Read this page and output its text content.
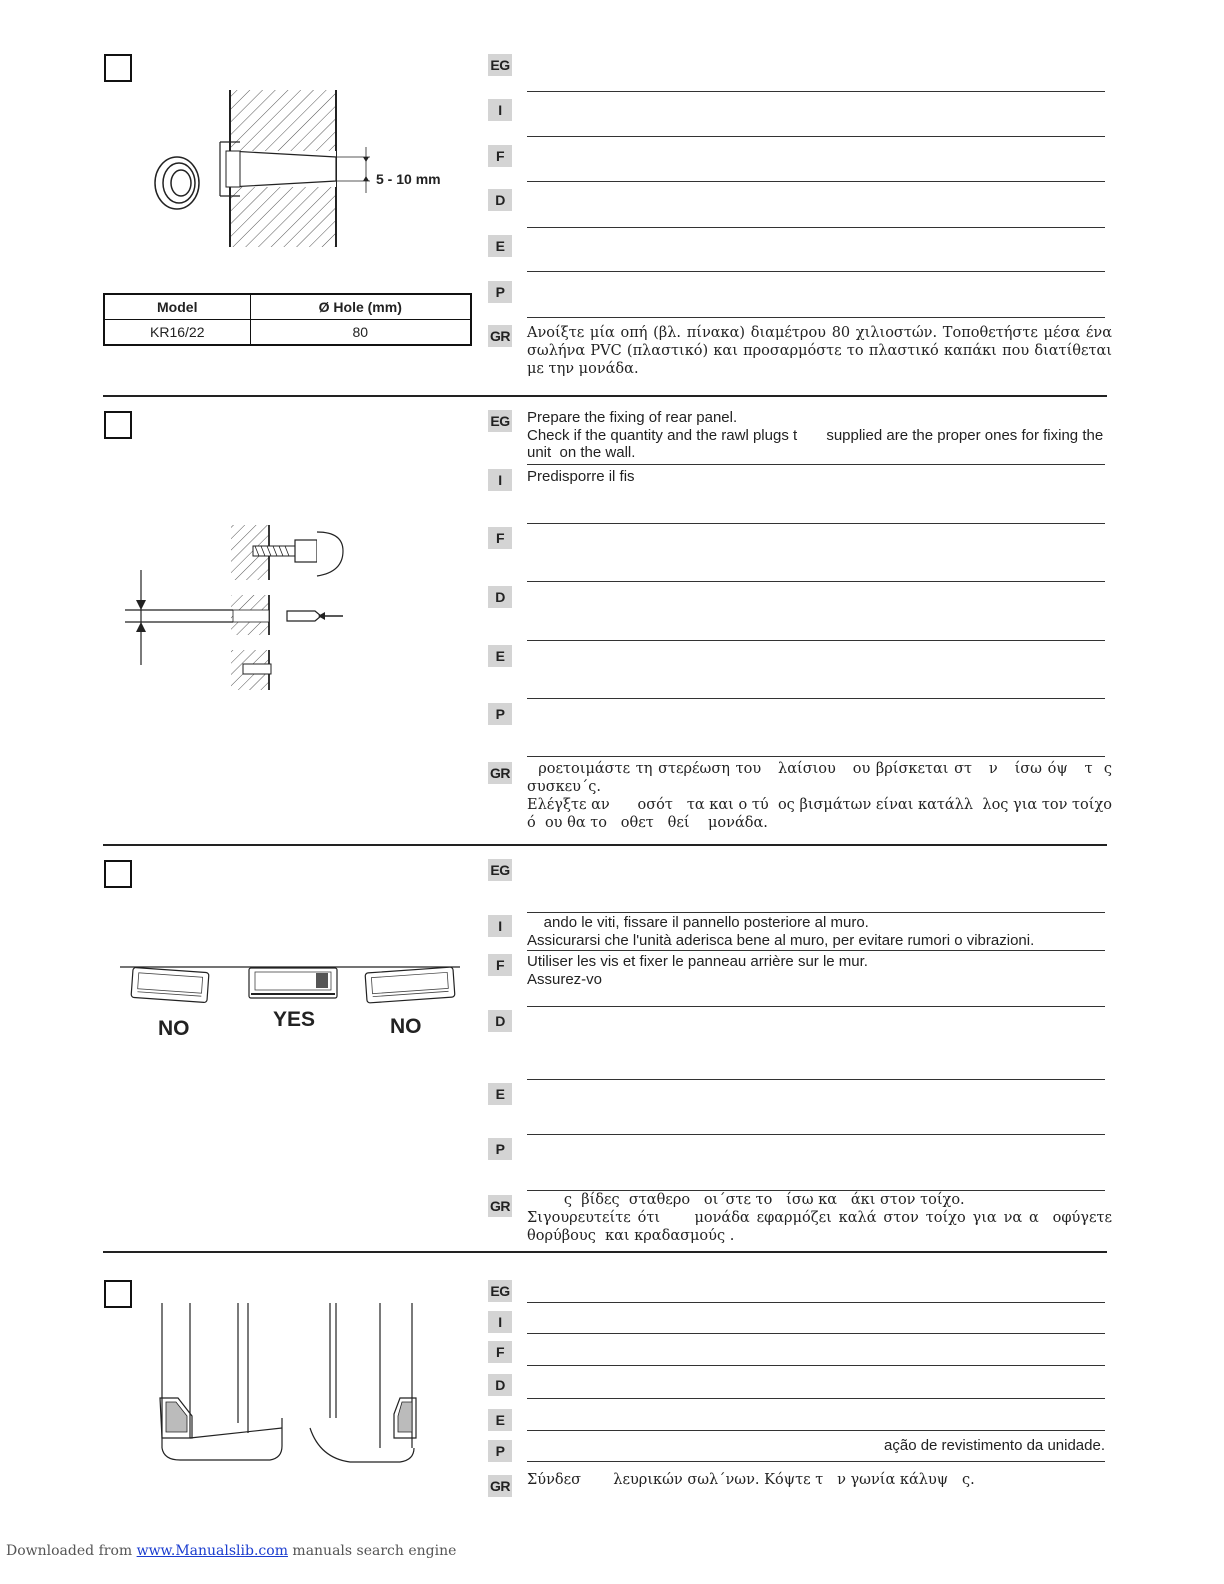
5 - 10 mm
Model	Ø Hole (mm)
KR16/22	80
EG
I
F
D
E
P
GR Ανοίξτε μία οπή (βλ. πίνακα) διαμέτρου 80 χιλιοστών. Τοποθετήστε μέσα ένα σωλήνα PVC (πλαστικό) και προσαρμόστε το πλαστικό καπάκι που διατίθεται με την μονάδα.
EG Prepare the fixing of rear panel.
Check if the quantity and the rawl plugs t       supplied are the proper ones for fixing the unit  on the wall.
I	Predisporre il fis
F
D
E
P
GR	ροετοιμάστε τη στερέωση του   λαίσιου   ου βρίσκεται στ   ν   ίσω όψ   τ  ς συσκευ΄ς.
Ελέγξτε αν      οσότ   τα και ο τύ  ος βισμάτων είναι κατάλλ  λος για τον τοίχο ό  ου θα το   οθετ   θεί    μονάδα.
NO	YES	NO
EG
I	ando le viti, fissare il pannello posteriore al muro.
Assicurarsi che l'unità aderisca bene al muro, per evitare rumori o vibrazioni.
F	Utiliser les vis et fixer le panneau arrière sur le mur.
Assurez-vo
D
E
P
GR	ς  βίδες  σταθερο   οι΄στε το   ίσω κα   άκι στον τοίχο.
Σιγουρευτείτε ότι     μονάδα εφαρμόζει καλά στον τοίχο για να α  οφύγετε θορύβους  και κραδασμούς .
EG
I
F
D
E
P	ação de revistimento da unidade.
GR Σύνδεσ       λευρικών σωλ΄νων. Κόψτε τ   ν γωνία κάλυψ   ς.
Downloaded from www.Manualslib.com manuals search engine
